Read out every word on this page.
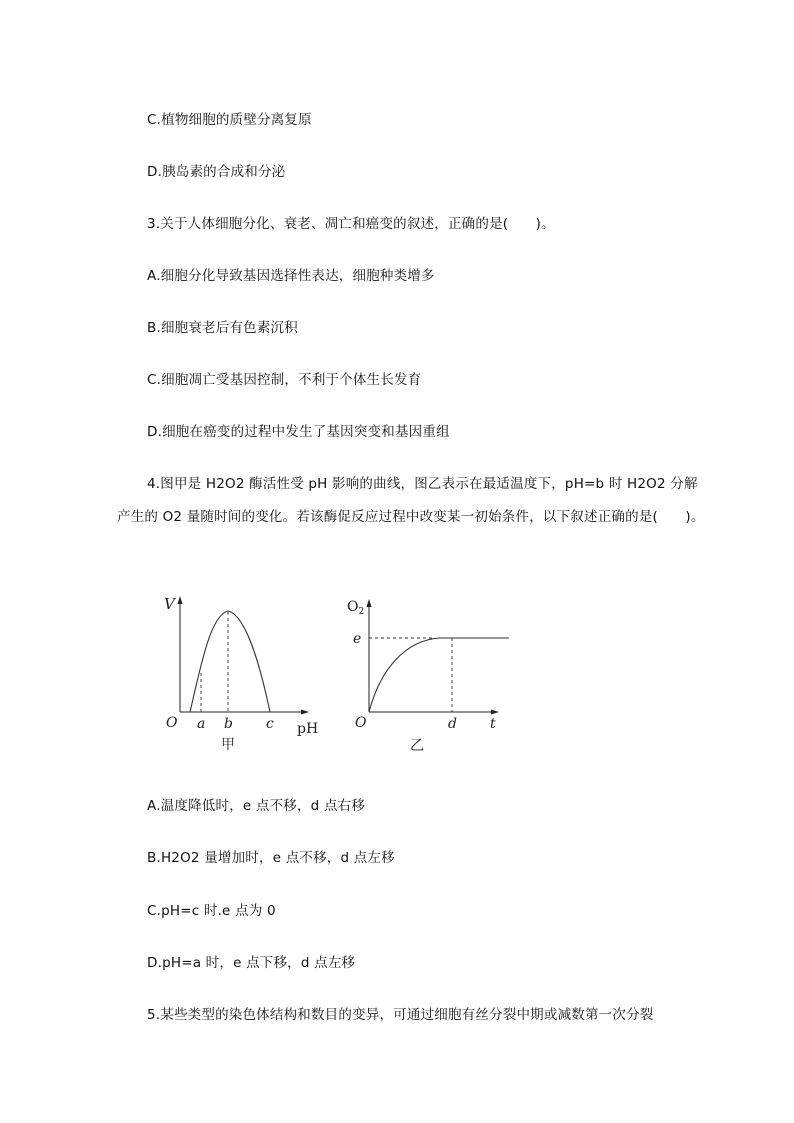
C.植物细胞的质壁分离复原
D.胰岛素的合成和分泌
3.关于人体细胞分化、衰老、凋亡和癌变的叙述，正确的是(　　)。
A.细胞分化导致基因选择性表达，细胞种类增多
B.细胞衰老后有色素沉积
C.细胞凋亡受基因控制，不利于个体生长发育
D.细胞在癌变的过程中发生了基因突变和基因重组
4.图甲是 H2O2 酶活性受 pH 影响的曲线，图乙表示在最适温度下，pH=b 时 H2O2 分解
产生的 O2 量随时间的变化。若该酶促反应过程中改变某一初始条件，以下叙述正确的是(　　)。
V
O a b c pH
甲
$O_2$
e
O	d t
乙
A.温度降低时，e 点不移，d 点右移
B.H2O2 量增加时，e 点不移，d 点左移
C.pH=c 时.e 点为 0
D.pH=a 时，e 点下移，d 点左移
5.某些类型的染色体结构和数目的变异，可通过细胞有丝分裂中期或减数第一次分裂
